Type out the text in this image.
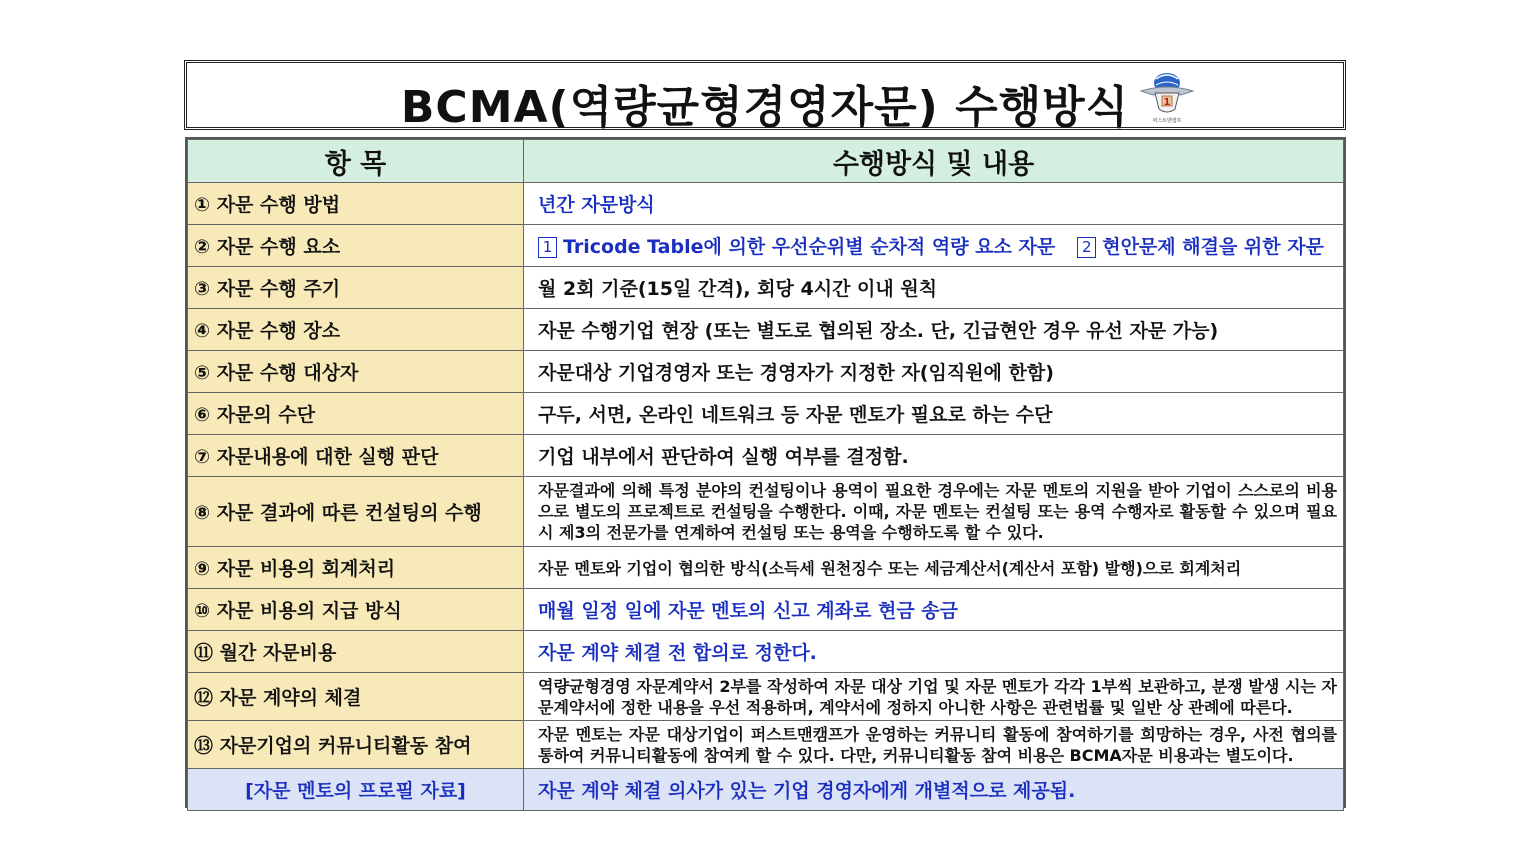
BCMA(역량균형경영자문) 수행방식	1
퍼스트맨캠프
항 목	수행방식 및 내용
① 자문 수행 방법	년간 자문방식
② 자문 수행 요소	1 Tricode Table에 의한 우선순위별 순차적 역량 요소 자문 2 현안문제 해결을 위한 자문
③ 자문 수행 주기	월 2회 기준(15일 간격), 회당 4시간 이내 원칙
④ 자문 수행 장소	자문 수행기업 현장 (또는 별도로 협의된 장소. 단, 긴급현안 경우 유선 자문 가능)
⑤ 자문 수행 대상자	자문대상 기업경영자 또는 경영자가 지정한 자(임직원에 한함)
⑥ 자문의 수단	구두, 서면, 온라인 네트워크 등 자문 멘토가 필요로 하는 수단
⑦ 자문내용에 대한 실행 판단	기업 내부에서 판단하여 실행 여부를 결정함.
⑧ 자문 결과에 따른 컨설팅의 수행	자문결과에 의해 특정 분야의 컨설팅이나 용역이 필요한 경우에는 자문 멘토의 지원을 받아 기업이 스스로의 비용으로 별도의 프로젝트로 컨설팅을 수행한다. 이때, 자문 멘토는 컨설팅 또는 용역 수행자로 활동할 수 있으며 필요 시 제3의 전문가를 연계하여 컨설팅 또는 용역을 수행하도록 할 수 있다.
⑨ 자문 비용의 회계처리	자문 멘토와 기업이 협의한 방식(소득세 원천징수 또는 세금계산서(계산서 포함) 발행)으로 회계처리
⑩ 자문 비용의 지급 방식	매월 일정 일에 자문 멘토의 신고 계좌로 현금 송금
⑪ 월간 자문비용	자문 계약 체결 전 합의로 정한다.
⑫ 자문 계약의 체결	역량균형경영 자문계약서 2부를 작성하여 자문 대상 기업 및 자문 멘토가 각각 1부씩 보관하고, 분쟁 발생 시는 자문계약서에 정한 내용을 우선 적용하며, 계약서에 정하지 아니한 사항은 관련법률 및 일반 상 관례에 따른다.
⑬ 자문기업의 커뮤니티활동 참여	자문 멘토는 자문 대상기업이 퍼스트맨캠프가 운영하는 커뮤니티 활동에 참여하기를 희망하는 경우, 사전 협의를 통하여 커뮤니티활동에 참여케 할 수 있다. 다만, 커뮤니티활동 참여 비용은 BCMA자문 비용과는 별도이다.
[자문 멘토의 프로필 자료]	자문 계약 체결 의사가 있는 기업 경영자에게 개별적으로 제공됨.
